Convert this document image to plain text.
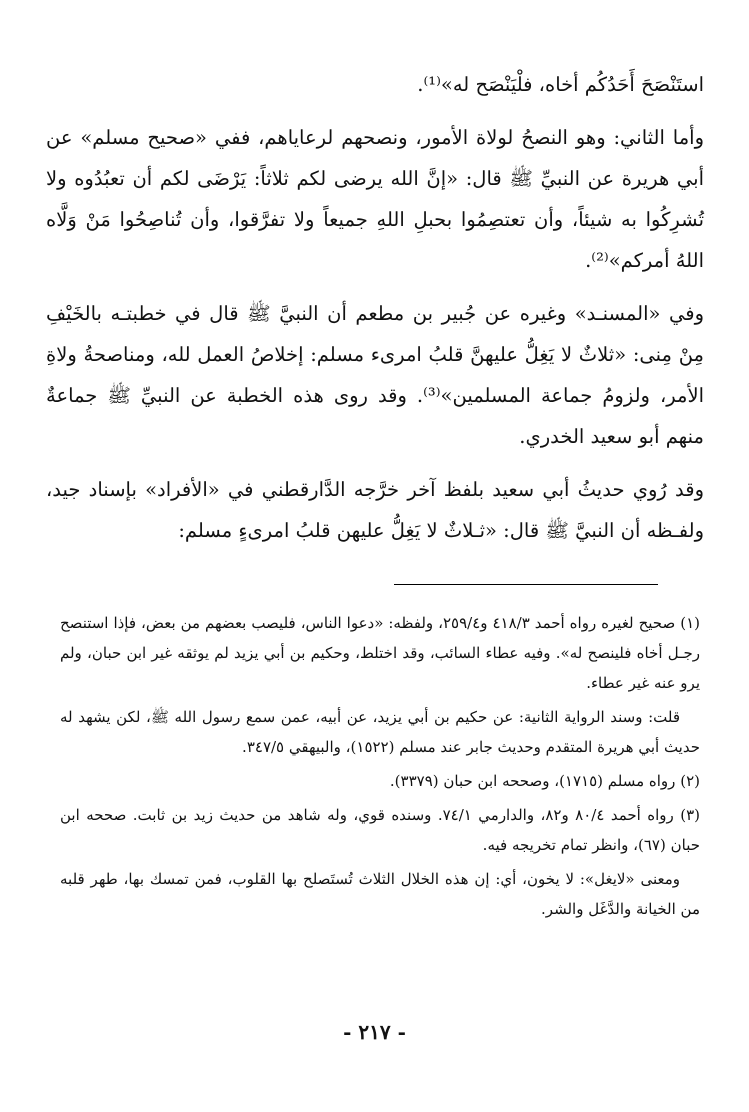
استَنْصَحَ أَحَدُكُم أخاه، فلْيَنْصَح له»⁽¹⁾.

وأما الثاني: وهو النصحُ لولاة الأمور، ونصحهم لرعاياهم، ففي «صحيح مسلم» عن أبي هريرة عن النبيِّ ﷺ قال: «إنَّ الله يرضى لكم ثلاثاً: يَرْضَى لكم أن تعبُدُوه ولا تُشرِكُوا به شيئاً، وأن تعتصِمُوا بحبلِ اللهِ جميعاً ولا تفرَّقوا، وأن تُناصِحُوا مَنْ وَلَّاه اللهُ أمركم»⁽²⁾.

وفي «المسنـد» وغيره عن جُبير بن مطعم أن النبيَّ ﷺ قال في خطبتـه بالخَيْفِ مِنْ مِنى: «ثلاثٌ لا يَغِلُّ عليهنَّ قلبُ امرىء مسلم: إخلاصُ العمل لله، ومناصحةُ ولاةِ الأمر، ولزومُ جماعة المسلمين»⁽³⁾. وقد روى هذه الخطبة عن النبيِّ ﷺ جماعةٌ منهم أبو سعيد الخدري.

وقد رُوي حديثُ أبي سعيد بلفظ آخر خرَّجه الدَّارقطني في «الأفراد» بإسناد جيد، ولفـظه أن النبيَّ ﷺ قال: «ثـلاثٌ لا يَغِلُّ عليهن قلبُ امرىءٍ مسلم:

(١) صحيح لغيره رواه أحمد ٤١٨/٣ و٢٥٩/٤، ولفظه: «دعوا الناس، فليصب بعضهم من بعض، فإذا استنصح رجـل أخاه فلينصح له». وفيه عطاء السائب، وقد اختلط، وحكيم بن أبي يزيد لم يوثقه غير ابن حبان، ولم يرو عنه غير عطاء.

قلت: وسند الرواية الثانية: عن حكيم بن أبي يزيد، عن أبيه، عمن سمع رسول الله ﷺ، لكن يشهد له حديث أبي هريرة المتقدم وحديث جابر عند مسلم (١٥٢٢)، والبيهقي ٣٤٧/٥.

(٢) رواه مسلم (١٧١٥)، وصححه ابن حبان (٣٣٧٩).

(٣) رواه أحمد ٨٠/٤ و٨٢، والدارمي ٧٤/١. وسنده قوي، وله شاهد من حديث زيد بن ثابت. صححه ابن حبان (٦٧)، وانظر تمام تخريجه فيه.

ومعنى «لايغل»: لا يخون، أي: إن هذه الخلال الثلاث تُستَصلح بها القلوب، فمن تمسك بها، طهر قلبه من الخيانة والدَّغَل والشر.

- ٢١٧ -
